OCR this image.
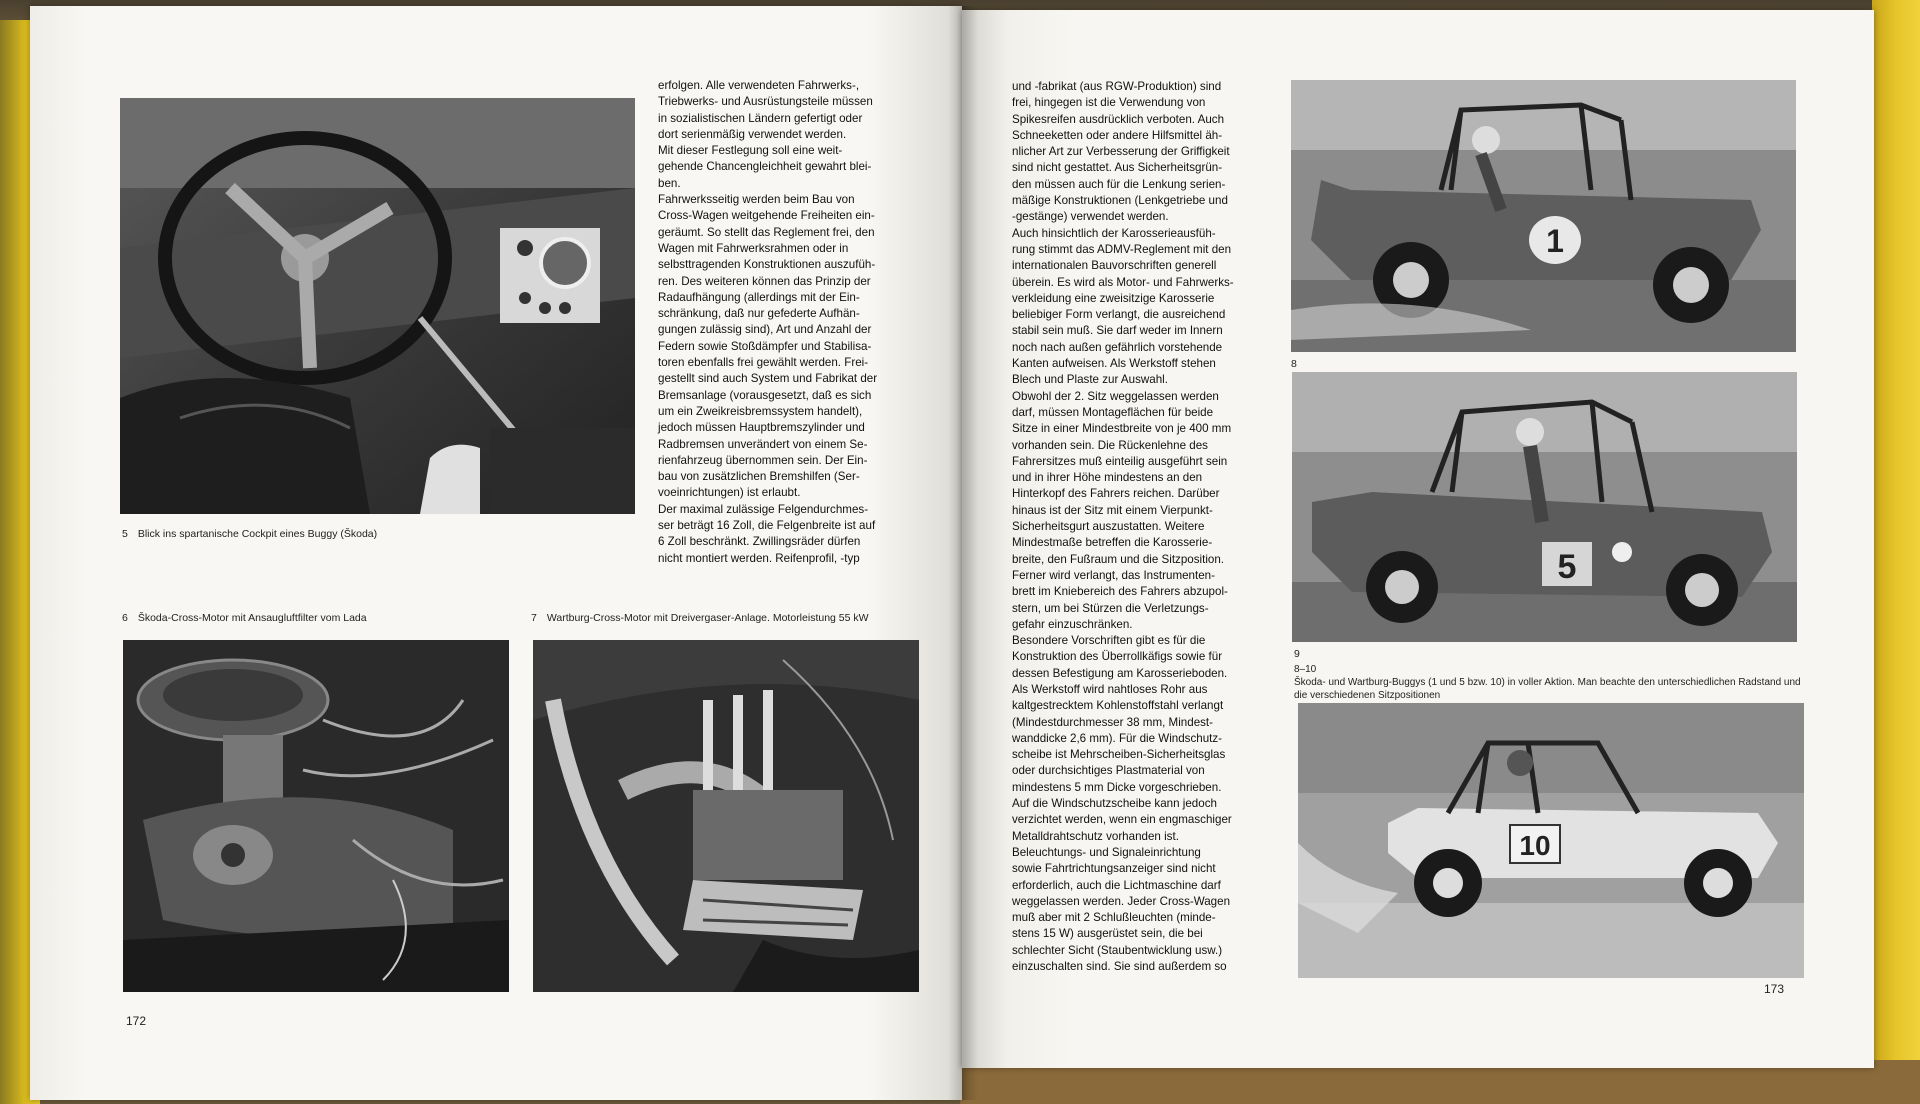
5 Blick ins spartanische Cockpit eines Buggy (Škoda)
erfolgen. Alle verwendeten Fahrwerks-,
Triebwerks- und Ausrüstungsteile müssen
in sozialistischen Ländern gefertigt oder
dort serienmäßig verwendet werden.
Mit dieser Festlegung soll eine weit-
gehende Chancengleichheit gewahrt blei-
ben.
Fahrwerksseitig werden beim Bau von
Cross-Wagen weitgehende Freiheiten ein-
geräumt. So stellt das Reglement frei, den
Wagen mit Fahrwerksrahmen oder in
selbsttragenden Konstruktionen auszufüh-
ren. Des weiteren können das Prinzip der
Radaufhängung (allerdings mit der Ein-
schränkung, daß nur gefederte Aufhän-
gungen zulässig sind), Art und Anzahl der
Federn sowie Stoßdämpfer und Stabilisa-
toren ebenfalls frei gewählt werden. Frei-
gestellt sind auch System und Fabrikat der
Bremsanlage (vorausgesetzt, daß es sich
um ein Zweikreisbremssystem handelt),
jedoch müssen Hauptbremszylinder und
Radbremsen unverändert von einem Se-
rienfahrzeug übernommen sein. Der Ein-
bau von zusätzlichen Bremshilfen (Ser-
voeinrichtungen) ist erlaubt.
Der maximal zulässige Felgendurchmes-
ser beträgt 16 Zoll, die Felgenbreite ist auf
6 Zoll beschränkt. Zwillingsräder dürfen
nicht montiert werden. Reifenprofil, -typ
6 Škoda-Cross-Motor mit Ansaugluftfilter vom Lada	7 Wartburg-Cross-Motor mit Dreivergaser-Anlage. Motorleistung 55 kW
172
und -fabrikat (aus RGW-Produktion) sind
frei, hingegen ist die Verwendung von
Spikesreifen ausdrücklich verboten. Auch
Schneeketten oder andere Hilfsmittel äh-
nlicher Art zur Verbesserung der Griffigkeit
sind nicht gestattet. Aus Sicherheitsgrün-
den müssen auch für die Lenkung serien-
mäßige Konstruktionen (Lenkgetriebe und
-gestänge) verwendet werden.
Auch hinsichtlich der Karosserieausfüh-
rung stimmt das ADMV-Reglement mit den
internationalen Bauvorschriften generell
überein. Es wird als Motor- und Fahrwerks-
verkleidung eine zweisitzige Karosserie
beliebiger Form verlangt, die ausreichend
stabil sein muß. Sie darf weder im Innern
noch nach außen gefährlich vorstehende
Kanten aufweisen. Als Werkstoff stehen
Blech und Plaste zur Auswahl.
Obwohl der 2. Sitz weggelassen werden
darf, müssen Montageflächen für beide
Sitze in einer Mindestbreite von je 400 mm
vorhanden sein. Die Rückenlehne des
Fahrersitzes muß einteilig ausgeführt sein
und in ihrer Höhe mindestens an den
Hinterkopf des Fahrers reichen. Darüber
hinaus ist der Sitz mit einem Vierpunkt-
Sicherheitsgurt auszustatten. Weitere
Mindestmaße betreffen die Karosserie-
breite, den Fußraum und die Sitzposition.
Ferner wird verlangt, das Instrumenten-
brett im Kniebereich des Fahrers abzupol-
stern, um bei Stürzen die Verletzungs-
gefahr einzuschränken.
Besondere Vorschriften gibt es für die
Konstruktion des Überrollkäfigs sowie für
dessen Befestigung am Karosserieboden.
Als Werkstoff wird nahtloses Rohr aus
kaltgestrecktem Kohlenstoffstahl verlangt
(Mindestdurchmesser 38 mm, Mindest-
wanddicke 2,6 mm). Für die Windschutz-
scheibe ist Mehrscheiben-Sicherheitsglas
oder durchsichtiges Plastmaterial von
mindestens 5 mm Dicke vorgeschrieben.
Auf die Windschutzscheibe kann jedoch
verzichtet werden, wenn ein engmaschiger
Metalldrahtschutz vorhanden ist.
Beleuchtungs- und Signaleinrichtung
sowie Fahrtrichtungsanzeiger sind nicht
erforderlich, auch die Lichtmaschine darf
weggelassen werden. Jeder Cross-Wagen
muß aber mit 2 Schlußleuchten (minde-
stens 15 W) ausgerüstet sein, die bei
schlechter Sicht (Staubentwicklung usw.)
einzuschalten sind. Sie sind außerdem so
1
8
5
9
8–10
Škoda- und Wartburg-Buggys (1 und 5 bzw. 10) in voller Aktion. Man beachte den unterschiedlichen Radstand und die verschiedenen Sitzpositionen
10
173
